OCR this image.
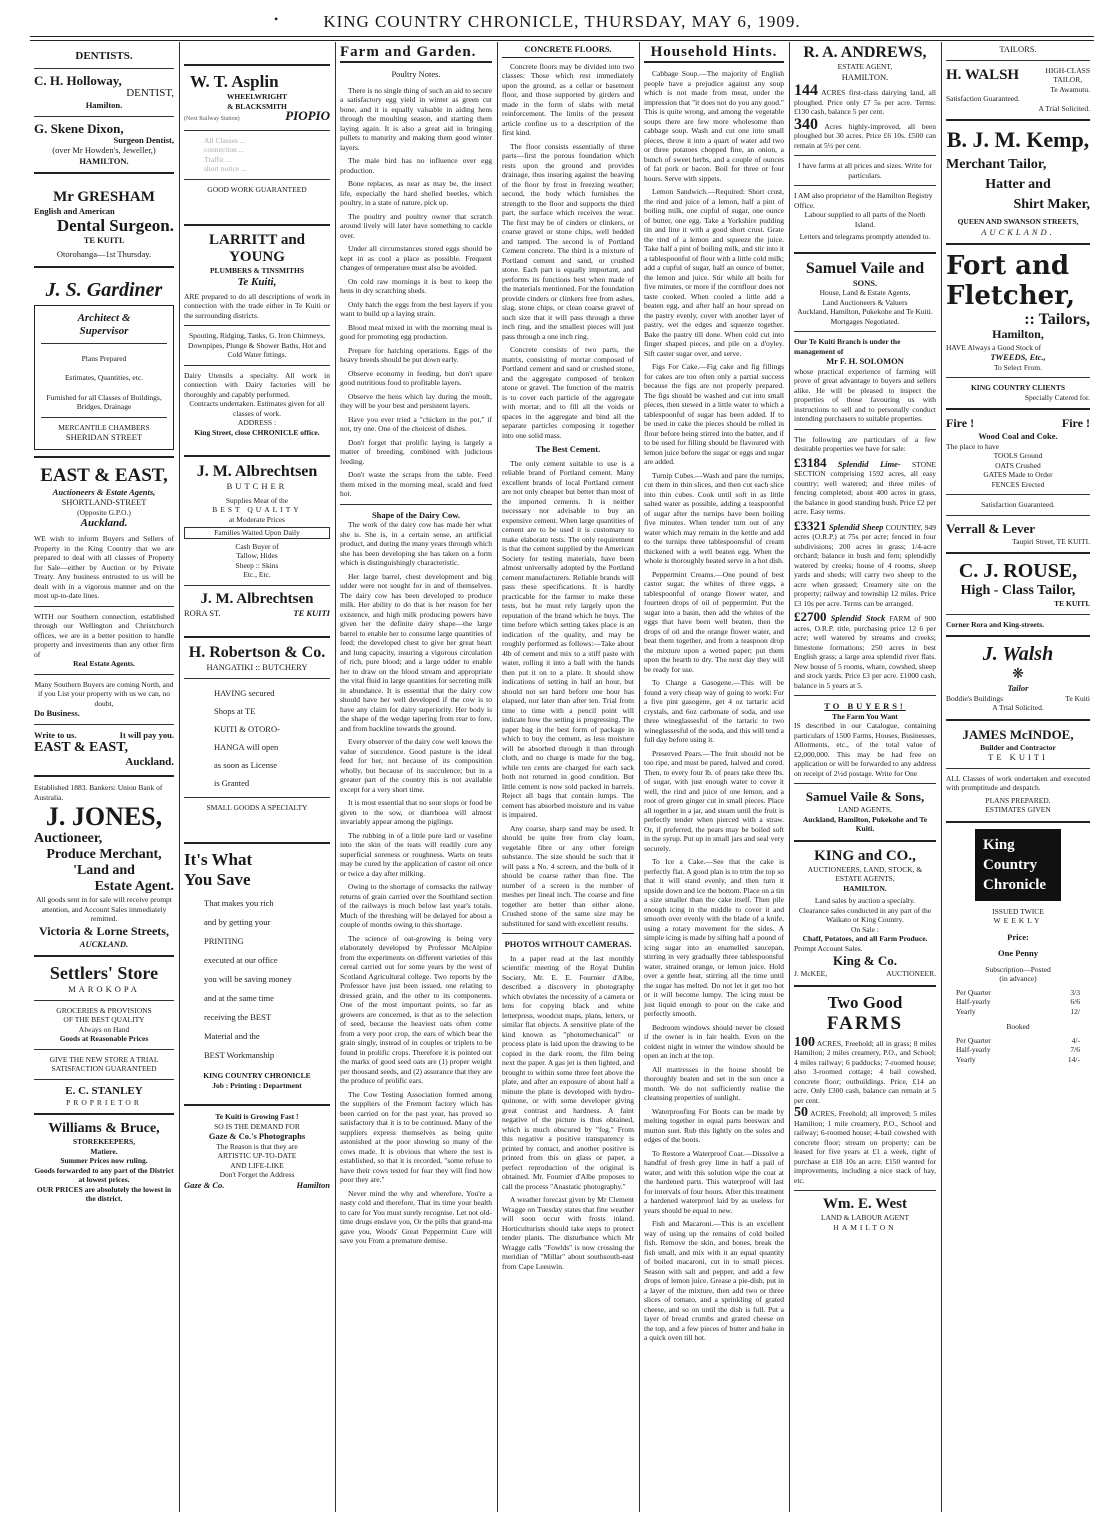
•	KING COUNTRY CHRONICLE, THURSDAY, MAY 6, 1909.
DENTISTS.
C. H. Holloway,
DENTIST,
Hamilton.
G. Skene Dixon,
Surgeon Dentist,
(over Mr Howden's, Jeweller,)
HAMILTON.
Mr GRESHAM
English and American
Dental Surgeon.
TE KUITI.
Otorohanga—1st Thursday.
J. S. Gardiner
Architect &
Supervisor
Plans Prepared
Estimates, Quantities, etc.
Furnished for all Classes of Buildings, Bridges, Drainage
MERCANTILE CHAMBERS
SHERIDAN STREET
EAST & EAST,
Auctioneers & Estate Agents,
SHORTLAND-STREET
(Opposite G.P.O.)
Auckland.
WE wish to inform Buyers and Sellers of Property in the King Country that we are prepared to deal with all classes of Property for Sale—either by Auction or by Private Treaty. Any business entrusted to us will be dealt with in a vigorous manner and on the most up-to-date lines.
WITH our Southern connection, established through our Wellington and Christchurch offices, we are in a better position to handle property and investments than any other firm of
Real Estate Agents.
Many Southern Buyers are coming North, and if you List your property with us we can, no doubt,
Do Business.
Write to us.	It will pay you.
EAST & EAST,
Auckland.
Established 1883. Bankers: Union Bank of Australia.
J. JONES,
Auctioneer,
Produce Merchant,
'Land and
Estate Agent.
All goods sent in for sale will receive prompt attention, and Account Sales immediately remitted.
Victoria & Lorne Streets,
AUCKLAND.
Settlers' Store
MAROKOPA
GROCERIES & PROVISIONS
OF THE BEST QUALITY
Always on Hand
Goods at Reasonable Prices
GIVE THE NEW STORE A TRIAL
SATISFACTION GUARANTEED
E. C. STANLEY
PROPRIETOR
Williams & Bruce,
STOREKEEPERS,
Matiere.
Summer Prices now ruling.
Goods forwarded to any part of the District at lowest prices.
OUR PRICES are absolutely the lowest in the district.
W. T. Asplin
WHEELWRIGHT
& BLACKSMITH
(Next Railway Station)	PIOPIO
All Classes ...
connection ...
Traffic ...
short notice ...
GOOD WORK GUARANTEED
LARRITT and YOUNG
PLUMBERS & TINSMITHS
Te Kuiti,
ARE prepared to do all descriptions of work in connection with the trade either in Te Kuiti or the surrounding districts.
Spouting, Ridging, Tanks, G. Iron Chimneys, Downpipes, Plunge & Shower Baths, Hot and Cold Water fittings.
Dairy Utensils a specialty. All work in connection with Dairy factories will be thoroughly and capably performed.
Contracts undertaken. Estimates given for all classes of work.
ADDRESS :
King Street, close CHRONICLE office.
J. M. Albrechtsen
BUTCHER
Supplies Meat of the
BEST QUALITY
at Moderate Prices
Families Waited Upon Daily
Cash Buyer of
Tallow, Hides
Sheep :: Skins
Etc., Etc.
J. M. Albrechtsen
RORA ST.	TE KUITI
H. Robertson & Co.
HANGATIKI :: BUTCHERY
HAVING secured
Shops at TE
KUITI & OTORO-
HANGA will open
as soon as License
is Granted
SMALL GOODS A SPECIALTY
It's What
You Save
That makes you rich
and by getting your
PRINTING
executed at our office
you will be saving money
and at the same time
receiving the BEST
Material and the
BEST Workmanship
KING COUNTRY CHRONICLE
Job : Printing : Department
Te Kuiti is Growing Fast !
SO IS THE DEMAND FOR
Gaze & Co.'s Photographs
The Reason is that they are
ARTISTIC UP-TO-DATE
AND LIFE-LIKE
Don't Forget the Address
Gaze & Co.	Hamilton
Farm and Garden.
Poultry Notes.

There is no single thing of such an aid to secure a satisfactory egg yield in winter as green cut bone, and it is equally valuable in aiding hens through the moulting season, and starting them laying again. It is also a great aid in bringing pullets to maturity and making them good winter layers.

The male bird has no influence over egg production.

Bone replaces, as near as may be, the insect life, especially the hard shelled beetles, which poultry, in a state of nature, pick up.

The poultry and poultry owner that scratch around lively will later have something to cackle over.

Under all circumstances stored eggs should be kept in as cool a place as possible. Frequent changes of temperature must also be avoided.

On cold raw mornings it is best to keep the hens in dry scratching sheds.

Only hatch the eggs from the best layers if you want to build up a laying strain.

Blood meal mixed in with the morning meal is good for promoting egg production.

Prepare for hatching operations. Eggs of the heavy breeds should be put down early.

Observe economy in feeding, but don't spare good nutritious food to profitable layers.

Observe the hens which lay during the moult, they will be your best and persistent layers.

Have you ever tried a "chicken in the pot," if not, try one. One of the choicest of dishes.

Don't forget that prolific laying is largely a matter of breeding, combined with judicious feeding.

Don't waste the scraps from the table. Feed them mixed in the morning meal, scald and feed hot.

Shape of the Dairy Cow.

The work of the dairy cow has made her what she is. She is, in a certain sense, an artificial product, and during the many years through which she has been developing she has taken on a form which is distinguishingly characteristic.

Her large barrel, chest development and big udder were not sought for in and of themselves. The dairy cow has been developed to produce milk. Her ability to do that is her reason for her existence, and high milk producing powers have given her the definite dairy shape—the large barrel to enable her to consume large quantities of feed; the developed chest to give her great heart and lung capacity, insuring a vigorous circulation of rich, pure blood; and a large udder to enable her to draw on the blood stream and appropriate the vital fluid in large quantities for secreting milk in abundance. It is essential that the dairy cow should have her well developed if the cow is to have any claim for dairy superiority. Her body is the shape of the wedge tapering from rear to fore, and from backline towards the ground.

Every observer of the dairy cow well knows the value of succulence. Good pasture is the ideal feed for her, not because of its composition wholly, but because of its succulence; but in a greater part of the country this is not available except for a very short time.

It is most essential that no sour slops or food be given to the sow, or diarrhoea will almost invariably appear among the piglings.

The rubbing in of a little pure lard or vaseline into the skin of the teats will readily cure any superficial soreness or roughness. Warts on teats may be cured by the application of castor oil once or twice a day after milking.

Owing to the shortage of cornsacks the railway returns of grain carried over the Southland section of the railways is much below last year's totals. Much of the threshing will be delayed for about a couple of months owing to this shortage.

The science of oat-growing is being very elaborately developed by Professor McAlpine from the experiments on different varieties of this cereal carried out for some years by the west of Scotland Agricultural college. Two reports by the Professor have just been issued, one relating to dressed grain, and the other to its components. One of the most important points, so far as growers are concerned, is that as to the selection of seed, because the heaviest oats often come from a very poor crop, the ears of which bear the grain singly, instead of in couples or triplets to be found in prolific crops. Therefore it is pointed out the marks of good seed oats are (1) proper weight per thousand seeds, and (2) assurance that they are the produce of prolific ears.

The Cow Testing Association formed among the suppliers of the Fremont factory which has been carried on for the past year, has proved so satisfactory that it is to be continued. Many of the suppliers express themselves as being quite astonished at the poor showing so many of the cows made. It is obvious that where the test is established, so that it is recorded, "some refuse to have their cows tested for fear they will find how poor they are."

Never mind the why and wherefore, You're a nasty cold and therefore, That its time your health to care for You must surely recognise. Let not old-time drugs enslave you, Or the pills that grand-ma gave you, Woods' Great Peppermint Cure will save you From a premature demise.

CONCRETE FLOORS.

Concrete floors may be divided into two classes: Those which rest immediately upon the ground, as a cellar or basement floor, and those supported by girders and made in the form of slabs with metal reinforcement. The limits of the present article confine us to a description of the first kind.

The floor consists essentially of three parts—first the porous foundation which rests upon the ground and provides drainage, thus insuring against the heaving of the floor by frost in freezing weather; second, the body which furnishes the strength to the floor and supports the third part, the surface which receives the wear. The first may be of cinders or clinkers, or coarse gravel or stone chips, well bedded and tamped. The second is of Portland Cement concrete. The third is a mixture of Portland cement and sand, or crushed stone. Each part is equally important, and performs its functions best when made of the materials mentioned. For the foundation provide cinders or clinkers free from ashes, slag, stone chips, or clean coarse gravel of such size that it will pass through a three inch ring, and the smallest pieces will just pass through a one inch ring.

Concrete consists of two parts, the matrix, consisting of mortar composed of Portland cement and sand or crushed stone, and the aggregate composed of broken stone or gravel. The function of the matrix is to cover each particle of the aggregate with mortar, and to fill all the voids or spaces in the aggregate and bind all the separate particles composing it together into one solid mass.

The Best Cement.

The only cement suitable to use is a reliable brand of Portland cement. Many excellent brands of local Portland cement are not only cheaper but better than most of the imported cements. It is neither necessary nor advisable to buy an expensive cement. When large quantities of cement are to be used it is customary to make elaborate tests. The only requirement is that the cement supplied by the American Society for testing materials, have been almost universally adopted by the Portland cement manufacturers. Reliable brands will pass these specifications. It is hardly practicable for the farmer to make these tests, but he must rely largely upon the reputation of the brand which he buys. The time before which setting takes place is an indication of the quality, and may be roughly performed as follows:—Take about 4lb of cement and mix to a stiff paste with water, rolling it into a ball with the hands then put it on to a plate. It should show indications of setting in half an hour, but should not set hard before one hour has elapsed, nor later than after ten. Trial from time to time with a pencil point will indicate how the setting is progressing. The paper bag is the best form of package in which to buy the cement, as less moisture will be absorbed through it than through cloth, and no charge is made for the bag, while ten cents are charged for each sack both not returned in good condition. But little cement is now sold packed in barrels. Reject all bags that contain lumps. The cement has absorbed moisture and its value is impaired.

Any coarse, sharp sand may be used. It should be quite free from clay loam, vegetable fibre or any other foreign substance. The size should be such that it will pass a No. 4 screen, and the bulk of it should be coarse rather than fine. The number of a screen is the number of meshes per lineal inch. The coarse and fine together are better than either alone. Crushed stone of the same size may be substituted for sand with excellent results.

PHOTOS WITHOUT CAMERAS.

In a paper read at the last monthly scientific meeting of the Royal Dublin Society, Mr. E. E. Fournier d'Albe, described a discovery in photography which obviates the necessity of a camera or lens for copying black and white letterpress, woodcut maps, plans, letters, or similar flat objects. A sensitive plate of the kind known as "photomechanical" or process plate is laid upon the drawing to be copied in the dark room, the film being next the paper. A gas jet is then lighted, and brought to within some three feet above the plate, and after an exposure of about half a minute the plate is developed with hydro-quinone, or with some developer giving great contrast and hardness. A faint negative of the picture is thus obtained, which is much obscured by "fog." From this negative a positive transparency is printed by contact, and another positive is printed from this on glass or paper, a perfect reproduction of the original is obtained. Mr. Fournier d'Albe proposes to call the process "Anastatic photography."

A weather forecast given by Mr Clement Wragge on Tuesday states that fine weather will soon occur with frosts inland. Horticulturists should take steps to protect tender plants. The disturbance which Mr Wragge calls "Fowlds" is now crossing the meridian of "Millar" about southsouth-east from Cape Leeuwin.

Household Hints.

Cabbage Soup.—The majority of English people have a prejudice against any soup which is not made from meat, under the impression that "it does not do you any good." This is quite wrong, and among the vegetable soups there are few more wholesome than cabbage soup. Wash and cut one into small pieces, throw it into a quart of water add two or three potatoes chopped fine, an onion, a bunch of sweet herbs, and a couple of ounces of fat pork or bacon. Boil for three or four hours. Serve with sippets.

Lemon Sandwich.—Required: Short crust, the rind and juice of a lemon, half a pint of boiling milk, one cupful of sugar, one ounce of butter, one egg. Take a Yorkshire pudding tin and line it with a good short crust. Grate the rind of a lemon and squeeze the juice. Take half a pint of boiling milk, and stir into it a tablespoonful of flour with a little cold milk; add a cupful of sugar, half an ounce of butter, the lemon and juice. Stir while all boils for five minutes, or more if the cornflour does not taste cooked. When cooled a little add a beaten egg, and after half an hour spread on the pastry evenly, cover with another layer of pastry, wet the edges and squeeze together. Bake the pastry till done. When cold cut into finger shaped pieces, and pile on a d'oyley. Sift caster sugar over, and serve.

Figs For Cake.—Fig cake and fig fillings for cakes are too often only a partial success because the figs are not properly prepared. The figs should be washed and cut into small pieces, then stewed in a little water to which a tablespoonful of sugar has been added. If to be used in cake the pieces should be rolled in flour before being stirred into the batter, and if to be used for filling should be flavoured with lemon juice before the sugar or eggs and sugar are added.

Turnip Cubes.—Wash and pare the turnips, cut them in thin slices, and then cut each slice into thin cubes. Cook until soft in as little salted water as possible, adding a teaspoonful of sugar after the turnips have been boiling five minutes. When tender turn out of any water which may remain in the kettle and add to the turnips three tablespoonsful of cream thickened with a well beaten egg. When the whole is thoroughly heated serve in a hot dish.

Peppermint Creams.—One pound of best castor sugar, the whites of three eggs, a tablespoonful of orange flower water, and fourteen drops of oil of peppermint. Put the sugar into a basin, then add the whites of the eggs that have been well beaten, then the drops of oil and the orange flower water, and beat them together, and from a teaspoon drop the mixture upon a wetted paper; put them upon the hearth to dry. The next day they will be ready for use.

To Charge a Gasogene.—This will be found a very cheap way of going to work: For a five pint gasogene, get 4 oz tartaric acid crystals, and 6oz carbonate of soda, and use three wineglassesful of the tartaric to two wineglassesful of the soda, and this will tend a full day before using it.

Preserved Pears.—The fruit should not be too ripe, and must be pared, halved and cored. Then, to every four lb. of pears take three lbs. of sugar, with just enough water to cover it well, the rind and juice of one lemon, and a root of green ginger cut in small pieces. Place all together in a jar, and steam until the fruit is perfectly tender when pierced with a straw. Or, if preferred, the pears may be boiled soft in the syrup. Put up in small jars and seal very securely.

To Ice a Cake.—See that the cake is perfectly flat. A good plan is to trim the top so that it will stand evenly, and then turn it upside down and ice the bottom. Place on a tin a size smaller than the cake itself. Then pile enough icing in the middle to cover it and smooth over evenly with the blade of a knife, using a rotary movement for the sides. A simple icing is made by sifting half a pound of icing sugar into an enamelled saucepan, stirring in very gradually three tablespoonsful water, strained orange, or lemon juice. Hold over a gentle heat, stirring all the time until the sugar has melted. Do not let it get too hot or it will become lumpy. The icing must be just liquid enough to pour on the cake and perfectly smooth.

Bedroom windows should never be closed if the owner is in fair health. Even on the coldest night in winter the window should be open an inch at the top.

All mattresses in the house should be thoroughly beaten and set in the sun once a month. We do not sufficiently realise the cleansing properties of sunlight.

Waterproofing For Boots can be made by melting together in equal parts beeswax and mutton suet. Rub this lightly on the soles and edges of the boots.

To Restore a Waterproof Coat.—Dissolve a handful of fresh grey lime in half a pail of water, and with this solution wipe the coat at the hardened parts. This waterproof will last for intervals of four hours. After this treatment a hardened waterproof laid by as useless for years should be equal to new.

Fish and Macaroni.—This is an excellent way of using up the remains of cold boiled fish. Remove the skin, and bones, break the fish small, and mix with it an equal quantity of boiled macaroni, cut in to small pieces. Season with salt and pepper, and add a few drops of lemon juice. Grease a pie-dish, put in a layer of the mixture, then add two or three slices of tomato, and a sprinkling of grated cheese, and so on until the dish is full. Put a layer of bread crumbs and grated cheese on the top, and a few pieces of butter and bake in a quick oven till hot.

R. A. ANDREWS,
ESTATE AGENT,
HAMILTON.
144 ACRES first-class dairying land, all ploughed. Price only £7 5s per acre. Terms: £130 cash, balance 5 per cent.
340 Acres highly-improved, all been ploughed but 30 acres. Price £6 10s. £500 can remain at 5½ per cent.
I have farms at all prices and sizes. Write for particulars.
I AM also proprietor of the Hamilton Registry Office.
Labour supplied to all parts of the North Island.
Letters and telegrams promptly attended to.
Samuel Vaile and
SONS.
House, Land & Estate Agents,
Land Auctioneers & Valuers
Auckland, Hamilton, Pukekohe and Te Kuiti.
Mortgages Negotiated.
Our Te Kuiti Branch is under the management of
Mr F. H. SOLOMON
whose practical experience of farming will prove of great advantage to buyers and sellers alike. He will be pleased to inspect the properties of those favouring us with instructions to sell and to personally conduct intending purchasers to suitable properties.
The following are particulars of a few desirable properties we have for sale:
£3184 Splendid Lime- STONE SECTION comprising 1592 acres, all easy country; well watered; and three miles of fencing completed; about 400 acres in grass, the balance in good standing bush. Price £2 per acre. Easy terms.
£3321 Splendid Sheep COUNTRY, 949 acres (O.R.P.) at 75s per acre; fenced in four subdivisions; 200 acres in grass; 1/4-acre orchard; balance in bush and fern; splendidly watered by creeks; house of 4 rooms, sheep yards and sheds; will carry two sheep to the acre when grassed; Creamery site on the property; railway and township 12 miles. Price £3 10s per acre. Terms can be arranged.
£2700 Splendid Stock FARM of 900 acres, O.R.P. title, purchasing price 12 6 per acre; well watered by streams and creeks; limestone formations; 250 acres in best English grass; a large area splendid river flats. New house of 5 rooms, whare, cowshed, sheep and stock yards. Price £3 per acre. £1000 cash, balance in 5 years at 5.
TO BUYERS!
The Farm You Want
IS described in our Catalogue, containing particulars of 1500 Farms, Houses, Businesses, Allotments, etc., of the total value of £2,000,000. This may be had free on application or will be forwarded to any address on receipt of 2½d postage. Write for One
Samuel Vaile & Sons,
LAND AGENTS,
Auckland, Hamilton, Pukekohe and Te Kuiti.
KING and CO.,
AUCTIONEERS, LAND, STOCK, & ESTATE AGENTS,
HAMILTON.
Land sales by auction a specialty.
Clearance sales conducted in any part of the Waikato or King Country.
On Sale :
Chaff, Potatoes, and all Farm Produce.
Prompt Account Sales.
King & Co.
J. McKEE,	AUCTIONEER.
Two Good
FARMS
100 ACRES, Freehold; all in grass; 8 miles Hamilton; 2 miles creamery, P.O., and School; 4 miles railway; 6 paddocks; 7-roomed house; also 3-roomed cottage; 4 bail cowshed, concrete floor; outbuildings. Price, £14 an acre. Only £300 cash, balance can remain at 5 per cent.
50 ACRES, Freehold; all improved; 5 miles Hamilton; 1 mile creamery, P.O., School and railway; 6-roomed house; 4-bail cowshed with concrete floor; stream on property; can be leased for five years at £1 a week, right of purchase at £18 10s an acre. £150 wanted for improvements, including a nice stack of hay, etc.
Wm. E. West
LAND & LABOUR AGENT
HAMILTON
TAILORS.
H. WALSH	HIGH-CLASS
TAILOR,
Te Awamutu.
Satisfaction Guaranteed.
A Trial Solicited.
B. J. M. Kemp,
Merchant Tailor,
Hatter and
Shirt Maker,
QUEEN AND SWANSON STREETS,
AUCKLAND.
Fort and
Fletcher,
:: Tailors,
Hamilton,
HAVE Always a Good Stock of
TWEEDS, Etc.,
To Select From.
KING COUNTRY CLIENTS
Specially Catered for.
Fire !	Fire !
Wood Coal and Coke.
The place to have
TOOLS Ground
OATS Crushed
GATES Made to Order
FENCES Erected
Satisfaction Guaranteed.
Verrall & Lever
Taupiri Street, TE KUITI.
C. J. ROUSE,
High - Class Tailor,
TE KUITI.
Corner Rora and King-streets.
J. Walsh
❋
Tailor
Boddie's Buildings	Te Kuiti
A Trial Solicited.
JAMES McINDOE,
Builder and Contractor
TE KUITI
ALL Classes of work undertaken and executed with promptitude and despatch.
PLANS PREPARED.
ESTIMATES GIVEN
King
Country
Chronicle
ISSUED TWICE
WEEKLY
Price:
One Penny
Subscription—Posted
(in advance)
Per Quarter	3/3
Half-yearly	6/6
Yearly	12/
Booked
Per Quarter	4/-
Half-yearly	7/6
Yearly	14/-
